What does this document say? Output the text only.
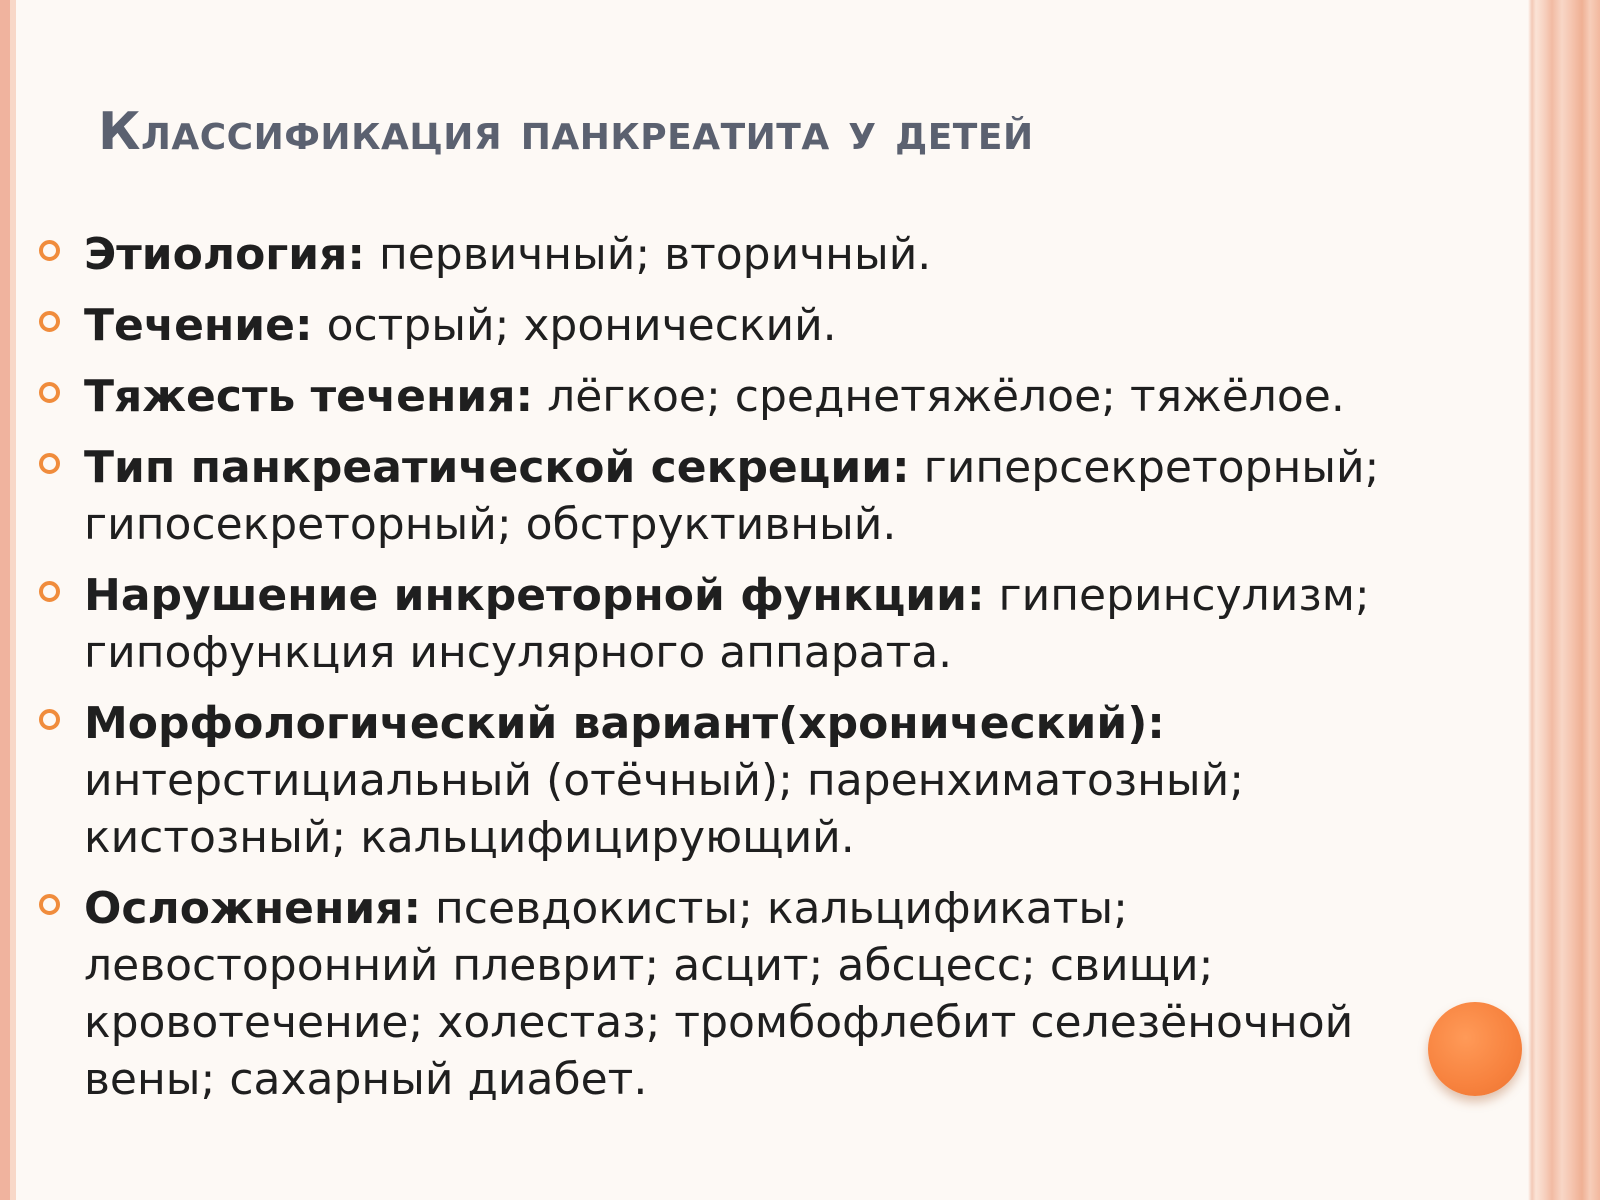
Классификация панкреатита у детей
Этиология: первичный; вторичный.
Течение: острый; хронический.
Тяжесть течения: лёгкое; среднетяжёлое; тяжёлое.
Тип панкреатической секреции: гиперсекреторный; гипосекреторный; обструктивный.
Нарушение инкреторной функции: гиперинсулизм; гипофункция инсулярного аппарата.
Морфологический вариант(хронический): интерстициальный (отёчный); паренхиматозный; кистозный; кальцифицирующий.
Осложнения: псевдокисты; кальцификаты; левосторонний плеврит; асцит; абсцесс; свищи; кровотечение; холестаз; тромбофлебит селезёночной вены; сахарный диабет.
